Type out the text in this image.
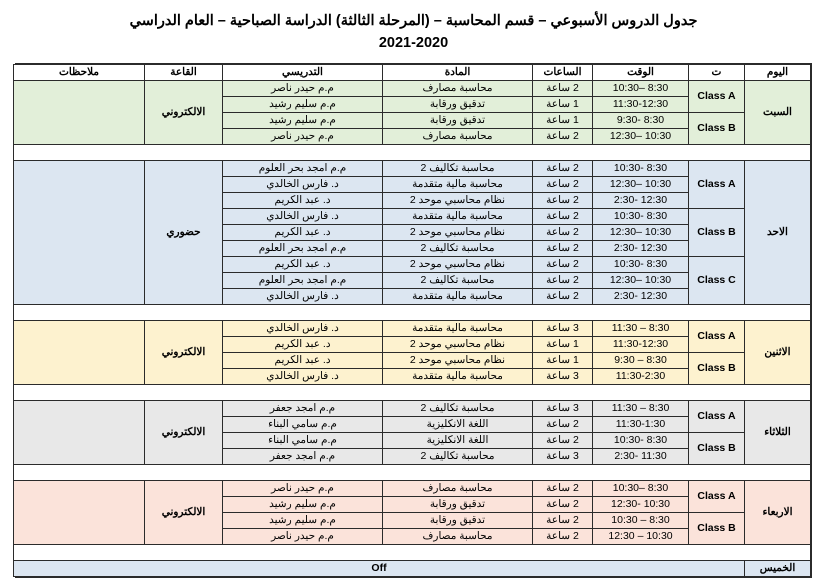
جدول الدروس الأسبوعي – قسم المحاسبة – (المرحلة الثالثة) الدراسة الصباحية – العام الدراسي
2021-2020
اليوم	ت	الوقت	الساعات	المادة	التدريسي	القاعة	ملاحظات
السبت	Class A	8:30 –10:30	2 ساعة	محاسبة مصارف	م.م حيدر ناصر	الالكتروني	
		11:30-12:30	1 ساعة	تدقيق ورقابة	م.م سليم رشيد		
	Class B	8:30 -9:30	1 ساعة	تدقيق ورقابة	م.م سليم رشيد		
		10:30 –12:30	2 ساعة	محاسبة مصارف	م.م حيدر ناصر		

الاحد	Class A	8:30 -10:30	2 ساعة	محاسبة تكاليف 2	م.م امجد بحر العلوم	حضوري	
		10:30 –12:30	2 ساعة	محاسبة مالية متقدمة	د. فارس الخالدي		
		12:30 -2:30	2 ساعة	نظام محاسبي موحد 2	د. عبد الكريم		
	Class B	8:30 -10:30	2 ساعة	محاسبة مالية متقدمة	د. فارس الخالدي		
		10:30 –12:30	2 ساعة	نظام محاسبي موحد 2	د. عبد الكريم		
		12:30 -2:30	2 ساعة	محاسبة تكاليف 2	م.م امجد بحر العلوم		
	Class C	8:30 -10:30	2 ساعة	نظام محاسبي موحد 2	د. عبد الكريم		
		10:30 –12:30	2 ساعة	محاسبة تكاليف 2	م.م امجد بحر العلوم		
		12:30 -2:30	2 ساعة	محاسبة مالية متقدمة	د. فارس الخالدي		

الاثنين	Class A	8:30 – 11:30	3 ساعة	محاسبة مالية متقدمة	د. فارس الخالدي	الالكتروني	
		11:30-12:30	1 ساعة	نظام محاسبي موحد 2	د. عبد الكريم		
	Class B	8:30 – 9:30	1 ساعة	نظام محاسبي موحد 2	د. عبد الكريم		
		11:30-2:30	3 ساعة	محاسبة مالية متقدمة	د. فارس الخالدي		

الثلاثاء	Class A	8:30 – 11:30	3 ساعة	محاسبة تكاليف 2	م.م امجد جعفر	الالكتروني	
		11:30-1:30	2 ساعة	اللغة الانكليزية	م.م سامي البناء		
	Class B	8:30 -10:30	2 ساعة	اللغة الانكليزية	م.م سامي البناء		
		11:30 -2:30	3 ساعة	محاسبة تكاليف 2	م.م امجد جعفر		

الاربعاء	Class A	8:30 –10:30	2 ساعة	محاسبة مصارف	م.م حيدر ناصر	الالكتروني	
		10:30 -12:30	2 ساعة	تدقيق ورقابة	م.م سليم رشيد		
	Class B	8:30 – 10:30	2 ساعة	تدقيق ورقابة	م.م سليم رشيد		
		10:30 – 12:30	2 ساعة	محاسبة مصارف	م.م حيدر ناصر		

الخميس	Off						
